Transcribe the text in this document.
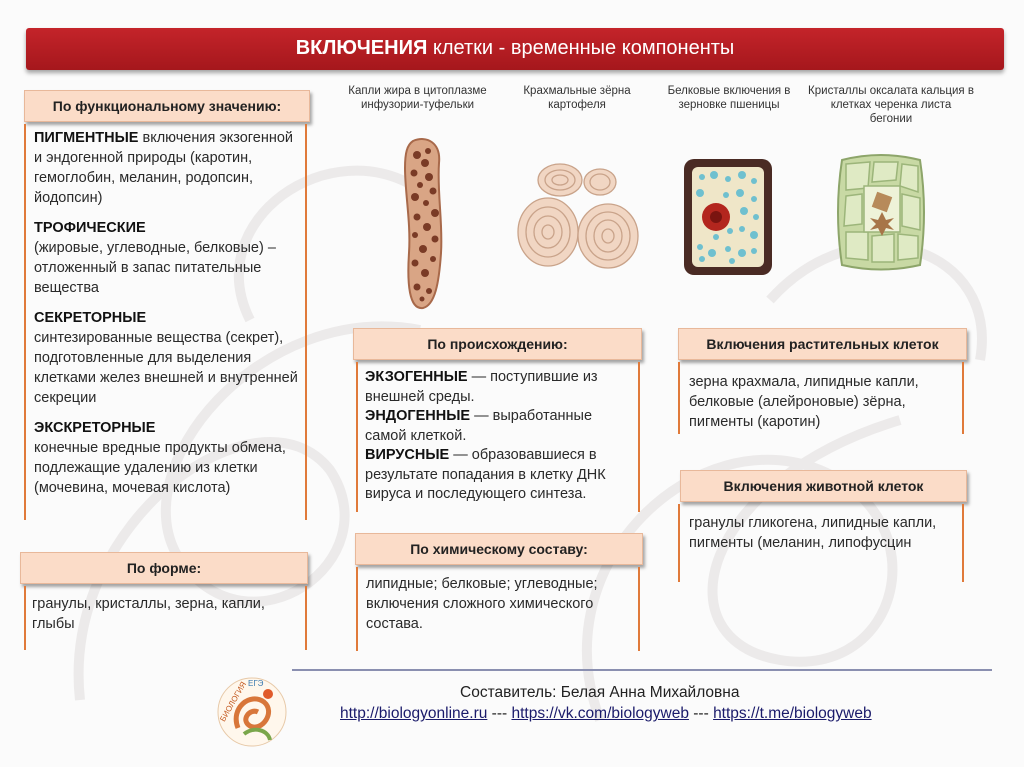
ВКЛЮЧЕНИЯ клетки - временные компоненты
По функциональному значению:

ПИГМЕНТНЫЕ включения экзогенной и эндогенной природы (каротин, гемоглобин, меланин, родопсин, йодопсин)

ТРОФИЧЕСКИЕ
(жировые, углеводные, белковые) – отложенный в запас питательные вещества

СЕКРЕТОРНЫЕ
синтезированные вещества (секрет), подготовленные для выделения клетками желез внешней и внутренней секреции

ЭКСКРЕТОРНЫЕ
конечные вредные продукты обмена, подлежащие удалению из клетки (мочевина, мочевая кислота)

По форме:
гранулы, кристаллы, зерна, капли, глыбы
Капли жира в цитоплазме инфузории-туфельки
Крахмальные зёрна картофеля
Белковые включения в зерновке пшеницы
Кристаллы оксалата кальция в клетках черенка листа бегонии
По происхождению:
ЭКЗОГЕННЫЕ — поступившие из внешней среды.
ЭНДОГЕННЫЕ — выработанные самой клеткой.
ВИРУСНЫЕ — образовавшиеся в результате попадания в клетку ДНК вируса и последующего синтеза.
По химическому составу:
липидные; белковые; углеводные; включения сложного химического состава.
Включения растительных клеток
зерна крахмала, липидные капли, белковые (алейроновые) зёрна, пигменты (каротин)
Включения животной клеток
гранулы гликогена, липидные капли, пигменты (меланин, липофусцин
БИОЛОГИЯ ЕГЭ
Составитель: Белая Анна Михайловна
http://biologyonline.ru --- https://vk.com/biologyweb --- https://t.me/biologyweb
